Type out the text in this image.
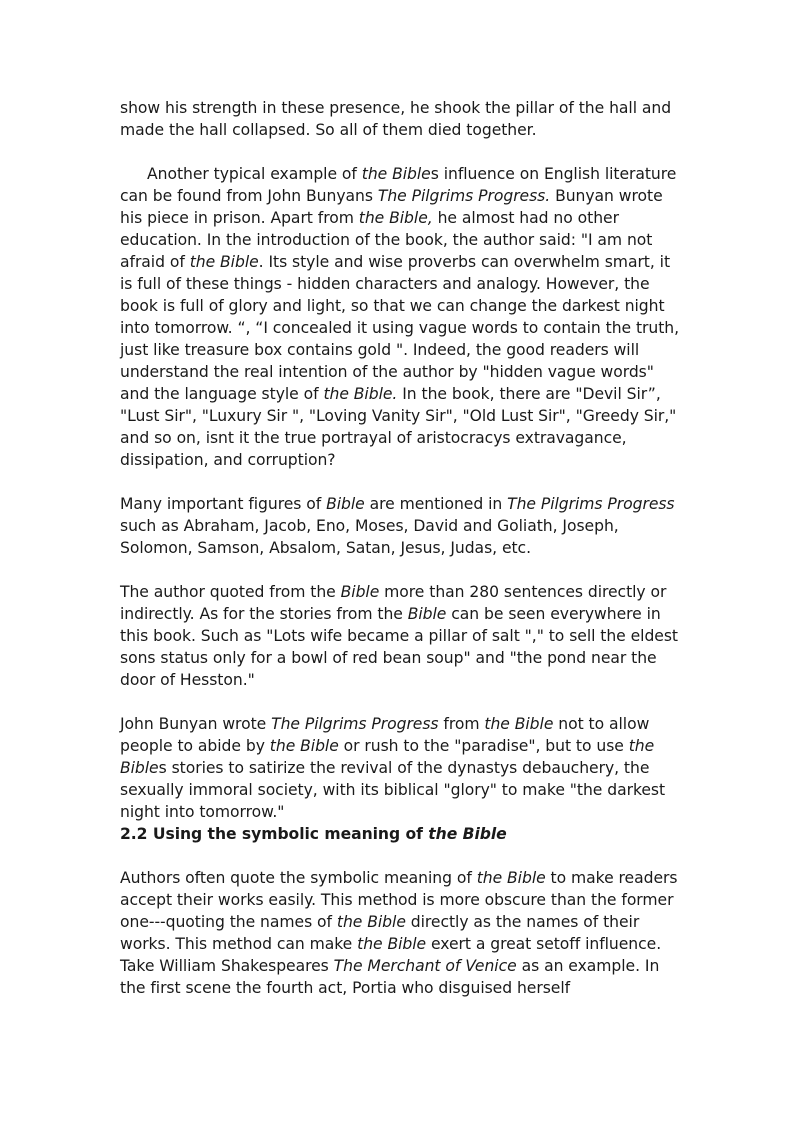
show his strength in these presence, he shook the pillar of the hall and made the hall collapsed. So all of them died together.

Another typical example of the Bibles influence on English literature can be found from John Bunyans The Pilgrims Progress. Bunyan wrote his piece in prison. Apart from the Bible, he almost had no other education. In the introduction of the book, the author said: "I am not afraid of the Bible. Its style and wise proverbs can overwhelm smart, it is full of these things - hidden characters and analogy. However, the book is full of glory and light, so that we can change the darkest night into tomorrow. “, “I concealed it using vague words to contain the truth, just like treasure box contains gold ". Indeed, the good readers will understand the real intention of the author by "hidden vague words" and the language style of the Bible. In the book, there are "Devil Sir”, "Lust Sir", "Luxury Sir ", "Loving Vanity Sir", "Old Lust Sir", "Greedy Sir," and so on, isnt it the true portrayal of aristocracys extravagance, dissipation, and corruption?

Many important figures of Bible are mentioned in The Pilgrims Progress such as Abraham, Jacob, Eno, Moses, David and Goliath, Joseph, Solomon, Samson, Absalom, Satan, Jesus, Judas, etc.

The author quoted from the Bible more than 280 sentences directly or indirectly. As for the stories from the Bible can be seen everywhere in this book. Such as "Lots wife became a pillar of salt "," to sell the eldest sons status only for a bowl of red bean soup" and "the pond near the door of Hesston."

John Bunyan wrote The Pilgrims Progress from the Bible not to allow people to abide by the Bible or rush to the "paradise", but to use the Bibles stories to satirize the revival of the dynastys debauchery, the sexually immoral society, with its biblical "glory" to make "the darkest night into tomorrow."

2.2 Using the symbolic meaning of the Bible

Authors often quote the symbolic meaning of the Bible to make readers accept their works easily. This method is more obscure than the former one---quoting the names of the Bible directly as the names of their works. This method can make the Bible exert a great setoff influence. Take William Shakespeares The Merchant of Venice as an example. In the first scene the fourth act, Portia who disguised herself
